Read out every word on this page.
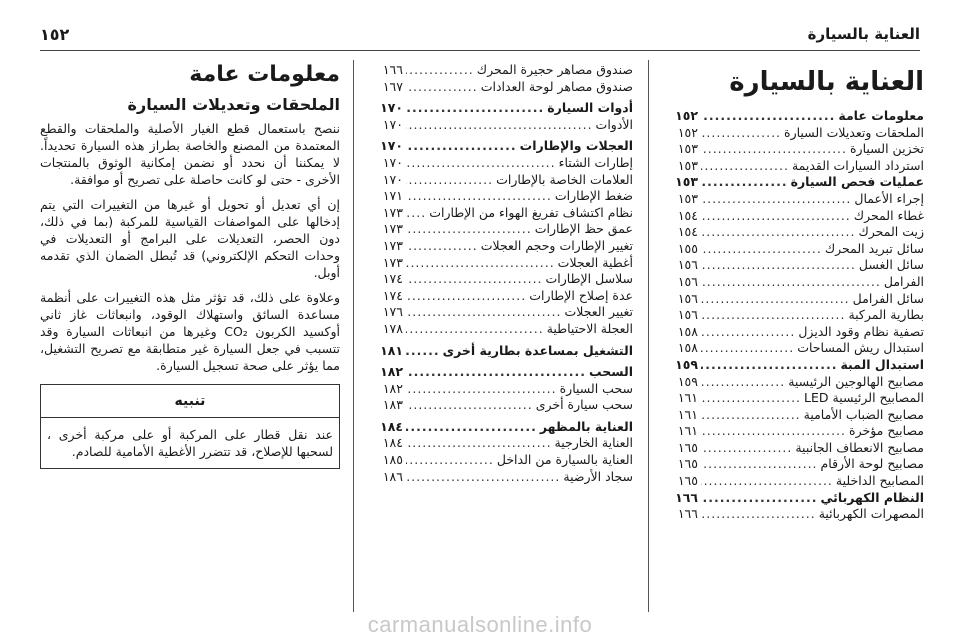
العناية بالسيارة
١٥٢
العناية بالسيارة
معلومات عامة
.....
١٥٢
الملحقات وتعديلات السيارة
.....
١٥٢
تخزين السيارة
.....
١٥٣
استرداد السيارات القديمة
.....
١٥٣
عمليات فحص السيارة
.....
١٥٣
إجراء الأعمال
.....
١٥٣
غطاء المحرك
.....
١٥٤
زيت المحرك
.....
١٥٤
سائل تبريد المحرك
.....
١٥٥
سائل الغسل
.....
١٥٦
الفرامل
.....
١٥٦
سائل الفرامل
.....
١٥٦
بطارية المركبة
.....
١٥٦
تصفية نظام وقود الديزل
.....
١٥٨
استبدال ريش المساحات
.....
١٥٨
استبدال المبة
.....
١٥٩
مصابيح الهالوجين الرئيسية
.....
١٥٩
المصابيح الرئيسية LED
.....
١٦١
مصابيح الضباب الأمامية
.....
١٦١
مصابيح مؤخرة
.....
١٦١
مصابيح الانعطاف الجانبية
.....
١٦٥
مصابيح لوحة الأرقام
.....
١٦٥
المصابيح الداخلية
.....
١٦٥
النظام الكهربائي
.....
١٦٦
المصهرات الكهربائية
.....
١٦٦
صندوق مصاهر حجيرة المحرك
.....
١٦٦
صندوق مصاهر لوحة العدادات
.....
١٦٧
أدوات السيارة
.....
١٧٠
الأدوات
.....
١٧٠
العجلات والإطارات
.....
١٧٠
إطارات الشتاء
.....
١٧٠
العلامات الخاصة بالإطارات
.....
١٧٠
ضغط الإطارات
.....
١٧١
نظام اكتشاف تفريغ الهواء من الإطارات
.....
١٧٣
عمق حظ الإطارات
.....
١٧٣
تغيير الإطارات وحجم العجلات
.....
١٧٣
أغطية العجلات
.....
١٧٣
سلاسل الإطارات
.....
١٧٤
عدة إصلاح الإطارات
.....
١٧٤
تغيير العجلات
.....
١٧٦
العجلة الاحتياطية
.....
١٧٨
التشغيل بمساعدة بطارية أخرى
.....
١٨١
السحب
.....
١٨٢
سحب السيارة
.....
١٨٢
سحب سيارة أخرى
.....
١٨٣
العناية بالمظهر
.....
١٨٤
العناية الخارجية
.....
١٨٤
العناية بالسيارة من الداخل
.....
١٨٥
سجاد الأرضية
.....
١٨٦
معلومات عامة
الملحقات وتعديلات السيارة

ننصح باستعمال قطع الغيار الأصلية والملحقات والقطع المعتمدة من المصنع والخاصة بطراز هذه السيارة تحديداً. لا يمكننا أن نحدد أو نضمن إمكانية الوثوق بالمنتجات الأخرى - حتى لو كانت حاصلة على تصريح أو موافقة.

إن أي تعديل أو تحويل أو غيرها من التغييرات التي يتم إدخالها على المواصفات القياسية للمركبة (بما في ذلك، دون الحصر، التعديلات على البرامج أو التعديلات في وحدات التحكم الإلكتروني) قد تُبطل الضمان الذي تقدمه أوبل.

وعلاوة على ذلك، قد تؤثر مثل هذه التغييرات على أنظمة مساعدة السائق واستهلاك الوقود، وانبعاثات غاز ثاني أوكسيد الكربون CO₂ وغيرها من انبعاثات السيارة وقد تتسبب في جعل السيارة غير متطابقة مع تصريح التشغيل، مما يؤثر على صحة تسجيل السيارة.

تنبيه
عند نقل قطار على المركبة أو على مركبة أخرى ، لسحبها للإصلاح، قد تتضرر الأغطية الأمامية للصادم.
carmanualsonline.info
